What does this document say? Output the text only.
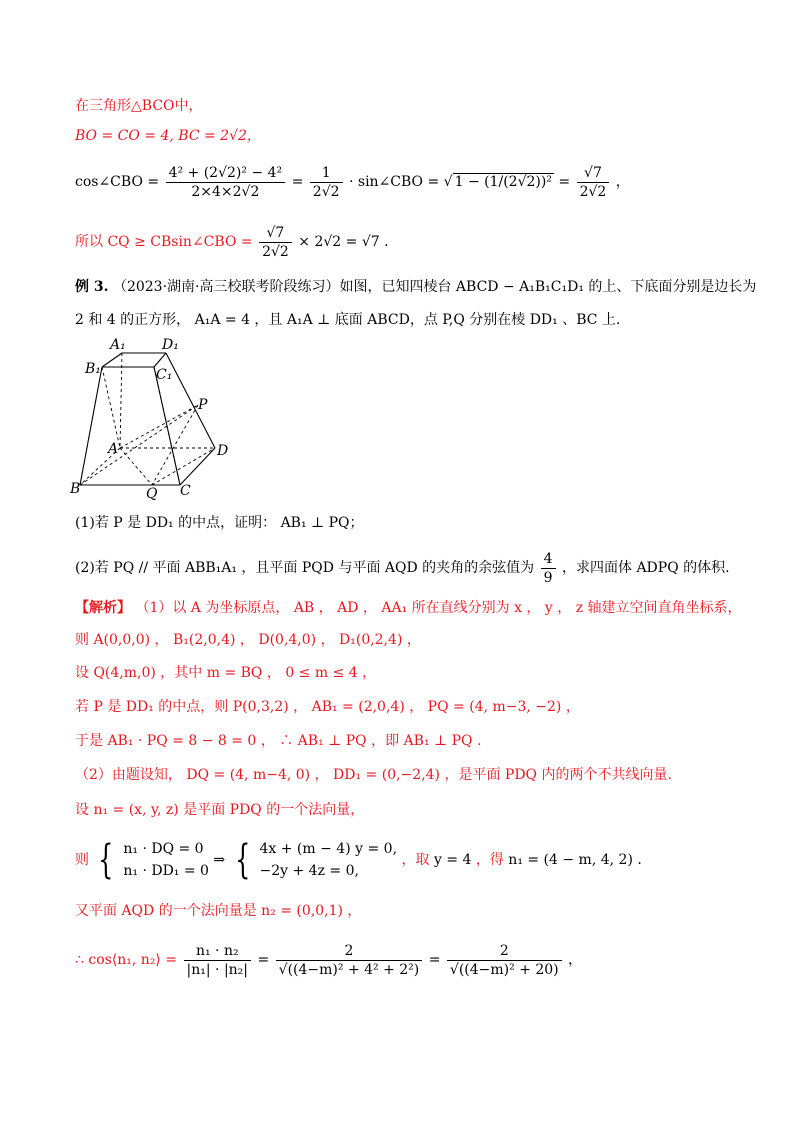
在三角形△BCO中，
BO = CO = 4, BC = 2√2，
cos∠CBO = $\frac{\text{4² + (2√2)² − 4²}}{2\times 4\times 2√2} = \frac{1}{2√2}$ · sin∠CBO = √ $1 - (1/(2√2))^2 = \frac{√7}{2√2}$ ，
所以 CQ ≥ CBsin∠CBO = $\frac{√7}{2√2} \times 2√2 = √7$ .
例 3. （2023·湖南·高三校联考阶段练习）如图，已知四棱台 ABCD − A₁B₁C₁D₁ 的上、下底面分别是边长为
2 和 4 的正方形， A₁A = 4 ，且 A₁A ⊥ 底面 ABCD，点 P,Q 分别在棱 DD₁ 、BC 上.
A₁	D₁
B₁	C₁
P
A	D
B	Q C
(1)若 P 是 DD₁ 的中点，证明： AB₁ ⊥ PQ；
(2)若 PQ // 平面 ABB₁A₁ ，且平面 PQD 与平面 AQD 的夹角的余弦值为 $\frac{4}{9}$ ，求四面体 ADPQ 的体积.
【解析】 （1）以 A 为坐标原点， AB ， AD ， AA₁ 所在直线分别为 x ， y ， z 轴建立空间直角坐标系，
则 A(0,0,0) ， B₁(2,0,4) ， D(0,4,0) ， D₁(0,2,4) ，
设 Q(4,m,0) ，其中 m = BQ ， 0 ≤ m ≤ 4 ，
若 P 是 DD₁ 的中点，则 P(0,3,2) ， AB₁ = (2,0,4) ， PQ = (4, m−3, −2) ，
于是 AB₁ · PQ = 8 − 8 = 0 ， ∴ AB₁ ⊥ PQ ，即 AB₁ ⊥ PQ .
（2）由题设知， DQ = (4, m−4, 0) ， DD₁ = (0,−2,4) ，是平面 PDQ 内的两个不共线向量.
设 n₁ = (x, y, z) 是平面 PDQ 的一个法向量，
则 { n₁ · DQ = 0
n₁ · DD₁ = 0
⇒ { 4x + (m − 4) y = 0,
−2y + 4z = 0,
，取 y = 4 ，得 n₁ = (4 − m, 4, 2) .
又平面 AQD 的一个法向量是 n₂ = (0,0,1) ，
∴ cos⟨n₁, n₂⟩ = $\frac{\text{n₁ · n₂}}{\text{|n₁| · |n₂|}} = \frac{2}{\text{√((4−m)² + 4² + 2²)}} = \frac{2}{\text{√((4−m)² + 20)}}$ ，
